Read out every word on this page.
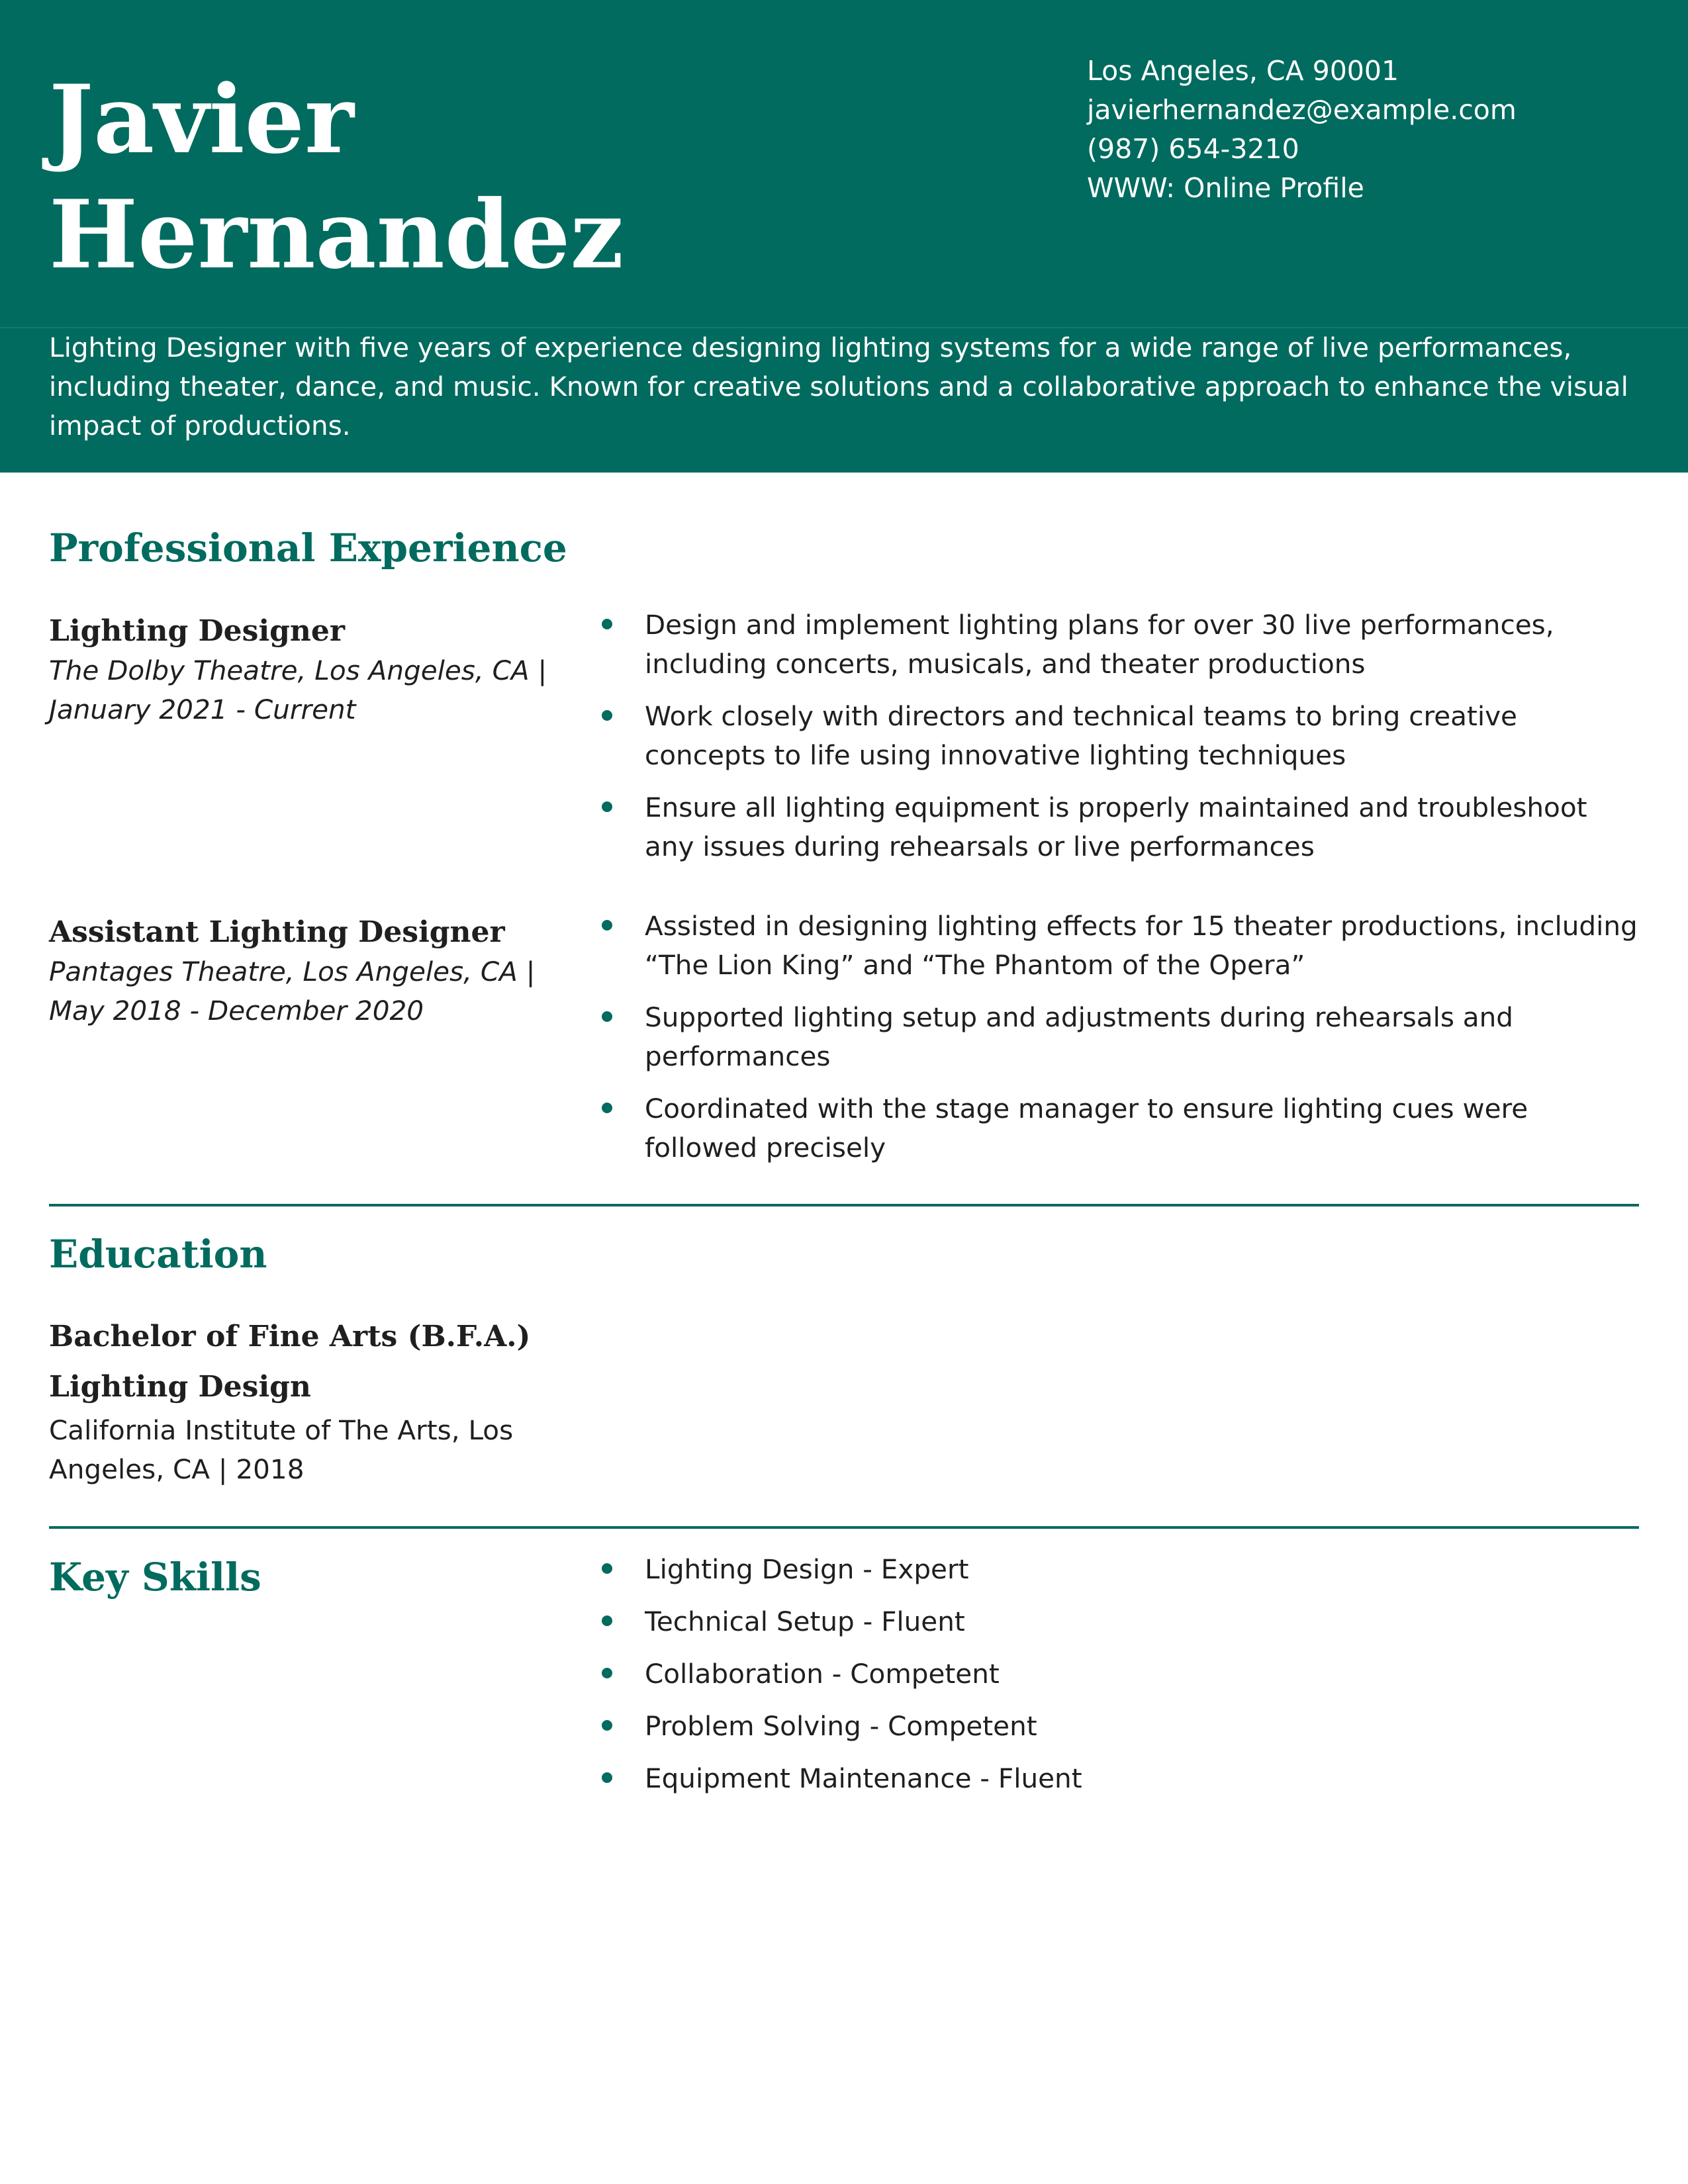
Javier
Hernandez
Los Angeles, CA 90001
javierhernandez@example.com
(987) 654-3210
WWW: Online Profile
Lighting Designer with five years of experience designing lighting systems for a wide range of live performances, including theater, dance, and music. Known for creative solutions and a collaborative approach to enhance the visual impact of productions.
Professional Experience
Lighting Designer
The Dolby Theatre, Los Angeles, CA | January 2021 - Current
Design and implement lighting plans for over 30 live performances, including concerts, musicals, and theater productions
Work closely with directors and technical teams to bring creative concepts to life using innovative lighting techniques
Ensure all lighting equipment is properly maintained and troubleshoot any issues during rehearsals or live performances
Assistant Lighting Designer
Pantages Theatre, Los Angeles, CA | May 2018 - December 2020
Assisted in designing lighting effects for 15 theater productions, including “The Lion King” and “The Phantom of the Opera”
Supported lighting setup and adjustments during rehearsals and performances
Coordinated with the stage manager to ensure lighting cues were followed precisely
Education
Bachelor of Fine Arts (B.F.A.)
Lighting Design
California Institute of The Arts, Los Angeles, CA | 2018
Key Skills	Lighting Design - Expert
Technical Setup - Fluent
Collaboration - Competent
Problem Solving - Competent
Equipment Maintenance - Fluent
